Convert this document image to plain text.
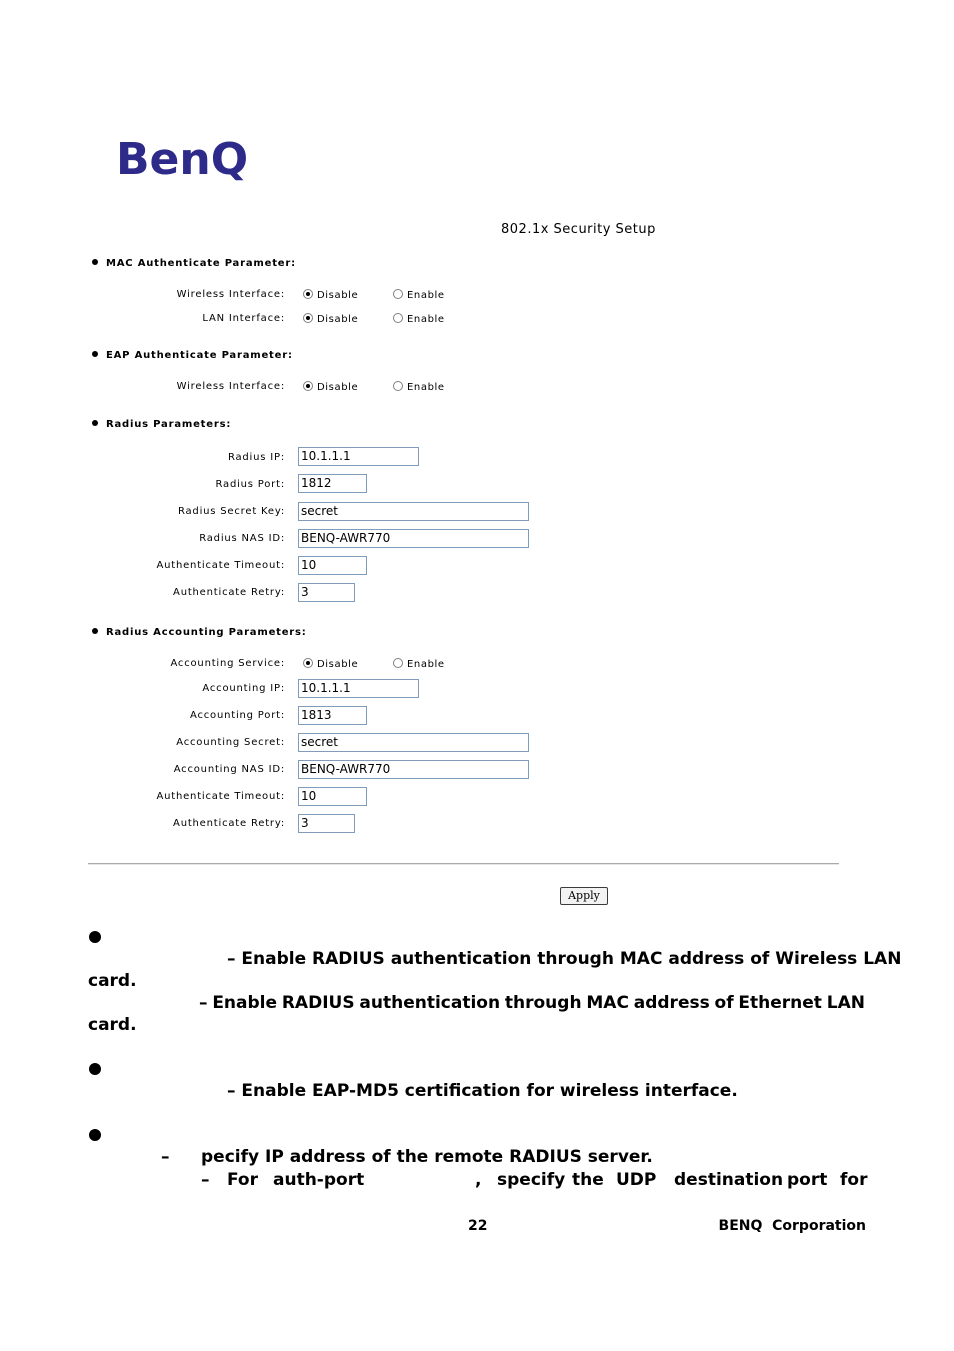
BenQ
802.1x Security Setup
MAC Authenticate Parameter:
Wireless Interface:	Disable	Enable
LAN Interface:	Disable	Enable
EAP Authenticate Parameter:
Wireless Interface:	Disable	Enable
Radius Parameters:
Radius IP: 10.1.1.1
Radius Port: 1812
Radius Secret Key: secret
Radius NAS ID: BENQ-AWR770
Authenticate Timeout: 10
Authenticate Retry: 3
Radius Accounting Parameters:
Accounting Service:	Disable	Enable
Accounting IP: 10.1.1.1
Accounting Port: 1813
Accounting Secret: secret
Accounting NAS ID: BENQ-AWR770
Authenticate Timeout: 10
Authenticate Retry: 3
Apply
– Enable RADIUS authentication through MAC address of Wireless LAN
card.
– Enable RADIUS authentication through MAC address of Ethernet LAN
card.
– Enable EAP-MD5 certification for wireless interface.
– pecify IP address of the remote RADIUS server.
– For auth-port	, specify the UDP destination port for
22	BENQ  Corporation
